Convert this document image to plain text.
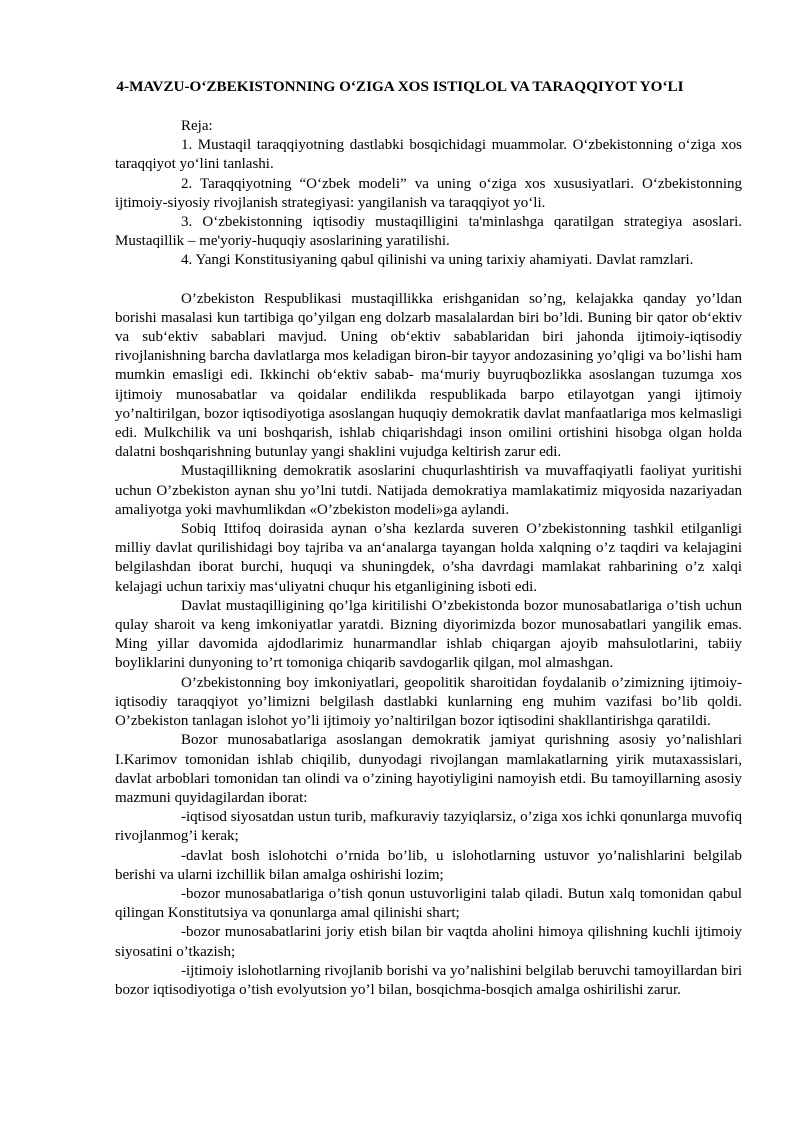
4-MAVZU-O‘ZBEKISTONNING O‘ZIGA XOS ISTIQLOL VA TARAQQIYOT YO‘LI

Reja:

1. Mustaqil taraqqiyotning dastlabki bosqichidagi muammolar. O‘zbekistonning o‘ziga xos taraqqiyot yo‘lini tanlashi.

2. Taraqqiyotning “O‘zbek modeli” va uning o‘ziga xos xususiyatlari. O‘zbekistonning ijtimoiy-siyosiy rivojlanish strategiyasi: yangilanish va taraqqiyot yo‘li.

3. O‘zbekistonning iqtisodiy mustaqilligini ta'minlashga qaratilgan strategiya asoslari. Mustaqillik – me'yoriy-huquqiy asoslarining yaratilishi.

4. Yangi Konstitusiyaning qabul qilinishi va uning tarixiy ahamiyati. Davlat ramzlari.

O’zbekiston Respublikasi mustaqillikka erishganidan so’ng, kelajakka qanday yo’ldan borishi masalasi kun tartibiga qo’yilgan eng dolzarb masalalardan biri bo’ldi. Buning bir qator ob‘ektiv va sub‘ektiv sabablari mavjud. Uning ob‘ektiv sabablaridan biri jahonda ijtimoiy-iqtisodiy rivojlanishning barcha davlatlarga mos keladigan biron-bir tayyor andozasining yo’qligi va bo’lishi ham mumkin emasligi edi. Ikkinchi ob‘ektiv sabab- ma‘muriy buyruqbozlikka asoslangan tuzumga xos ijtimoiy munosabatlar va qoidalar endilikda respublikada barpo etilayotgan yangi ijtimoiy yo’naltirilgan, bozor iqtisodiyotiga asoslangan huquqiy demokratik davlat manfaatlariga mos kelmasligi edi. Mulkchilik va uni boshqarish, ishlab chiqarishdagi inson omilini ortishini hisobga olgan holda dalatni boshqarishning butunlay yangi shaklini vujudga keltirish zarur edi.

Mustaqillikning demokratik asoslarini chuqurlashtirish va muvaffaqiyatli faoliyat yuritishi uchun O’zbekiston aynan shu yo’lni tutdi. Natijada demokratiya mamlakatimiz miqyosida nazariyadan amaliyotga yoki mavhumlikdan «O’zbekiston modeli»ga aylandi.

Sobiq Ittifoq doirasida aynan o’sha kezlarda suveren O’zbekistonning tashkil etilganligi milliy davlat qurilishidagi boy tajriba va an‘analarga tayangan holda xalqning o’z taqdiri va kelajagini belgilashdan iborat burchi, huquqi va shuningdek, o’sha davrdagi mamlakat rahbarining o’z xalqi kelajagi uchun tarixiy mas‘uliyatni chuqur his etganligining isboti edi.

Davlat mustaqilligining qo’lga kiritilishi O’zbekistonda bozor munosabatlariga o’tish uchun qulay sharoit va keng imkoniyatlar yaratdi. Bizning diyorimizda bozor munosabatlari yangilik emas. Ming yillar davomida ajdodlarimiz hunarmandlar ishlab chiqargan ajoyib mahsulotlarini, tabiiy boyliklarini dunyoning to’rt tomoniga chiqarib savdogarlik qilgan, mol almashgan.

O’zbekistonning boy imkoniyatlari, geopolitik sharoitidan foydalanib o’zimizning ijtimoiy-iqtisodiy taraqqiyot yo’limizni belgilash dastlabki kunlarning eng muhim vazifasi bo’lib qoldi. O’zbekiston tanlagan islohot yo’li ijtimoiy yo’naltirilgan bozor iqtisodini shakllantirishga qaratildi.

Bozor munosabatlariga asoslangan demokratik jamiyat qurishning asosiy yo’nalishlari I.Karimov tomonidan ishlab chiqilib, dunyodagi rivojlangan mamlakatlarning yirik mutaxassislari, davlat arboblari tomonidan tan olindi va o’zining hayotiyligini namoyish etdi. Bu tamoyillarning asosiy mazmuni quyidagilardan iborat:

-iqtisod siyosatdan ustun turib, mafkuraviy tazyiqlarsiz, o’ziga xos ichki qonunlarga muvofiq rivojlanmog’i kerak;

-davlat bosh islohotchi o’rnida bo’lib, u islohotlarning ustuvor yo’nalishlarini belgilab berishi va ularni izchillik bilan amalga oshirishi lozim;

-bozor munosabatlariga o’tish qonun ustuvorligini talab qiladi. Butun xalq tomonidan qabul qilingan Konstitutsiya va qonunlarga amal qilinishi shart;

-bozor munosabatlarini joriy etish bilan bir vaqtda aholini himoya qilishning kuchli ijtimoiy siyosatini o’tkazish;

-ijtimoiy islohotlarning rivojlanib borishi va yo’nalishini belgilab beruvchi tamoyillardan biri bozor iqtisodiyotiga o’tish evolyutsion yo’l bilan, bosqichma-bosqich amalga oshirilishi zarur.
